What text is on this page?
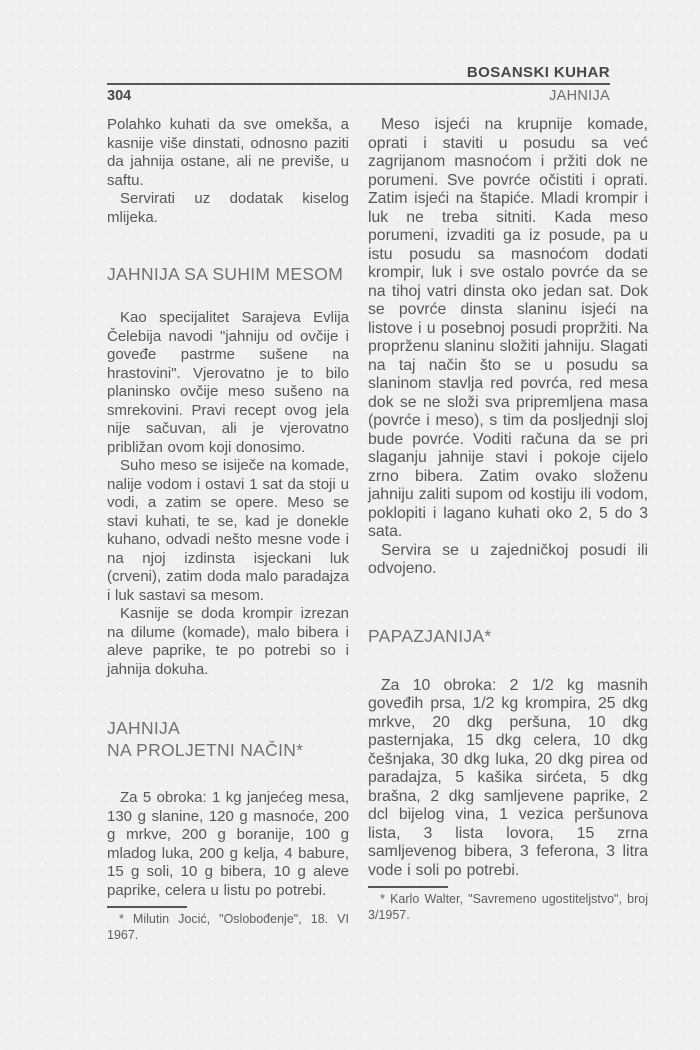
BOSANSKI KUHAR
304	JAHNIJA

Polahko kuhati da sve omekša, a kasnije više dinstati, odnosno paziti da jahnija ostane, ali ne previše, u saftu.

Servirati uz dodatak kiselog mlijeka.

JAHNIJA SA SUHIM MESOM

Kao specijalitet Sarajeva Evlija Čelebija navodi "jahniju od ovčije i goveđe pastrme sušene na hrastovini". Vjerovatno je to bilo planinsko ovčije meso sušeno na smrekovini. Pravi recept ovog jela nije sačuvan, ali je vjerovatno približan ovom koji donosimo.

Suho meso se isiječe na komade, nalije vodom i ostavi 1 sat da stoji u vodi, a zatim se opere. Meso se stavi kuhati, te se, kad je donekle kuhano, odvadi nešto mesne vode i na njoj izdinsta isjeckani luk (crveni), zatim doda malo paradajza i luk sastavi sa mesom.

Kasnije se doda krompir izrezan na dilume (komade), malo bibera i aleve paprike, te po potrebi so i jahnija dokuha.

JAHNIJA
NA PROLJETNI NAČIN*

Za 5 obroka: 1 kg janjećeg mesa, 130 g slanine, 120 g masnoće, 200 g mrkve, 200 g boranije, 100 g mladog luka, 200 g kelja, 4 babure, 15 g soli, 10 g bibera, 10 g aleve paprike, celera u listu po potrebi.

* Milutin Jocić, "Oslobođenje", 18. VI 1967.

Meso isjeći na krupnije komade, oprati i staviti u posudu sa već zagrijanom masnoćom i pržiti dok ne porumeni. Sve povrće očistiti i oprati. Zatim isjeći na štapiće. Mladi krompir i luk ne treba sitniti. Kada meso porumeni, izvaditi ga iz posude, pa u istu posudu sa masnoćom dodati krompir, luk i sve ostalo povrće da se na tihoj vatri dinsta oko jedan sat. Dok se povrće dinsta slaninu isjeći na listove i u posebnoj posudi propržiti. Na proprženu slaninu složiti jahniju. Slagati na taj način što se u posudu sa slaninom stavlja red povrća, red mesa dok se ne složi sva pripremljena masa (povrće i meso), s tim da posljednji sloj bude povrće. Voditi računa da se pri slaganju jahnije stavi i pokoje cijelo zrno bibera. Zatim ovako složenu jahniju zaliti supom od kostiju ili vodom, poklopiti i lagano kuhati oko 2, 5 do 3 sata.

Servira se u zajedničkoj posudi ili odvojeno.

PAPAZJANIJA*

Za 10 obroka: 2 1/2 kg masnih goveđih prsa, 1/2 kg krompira, 25 dkg mrkve, 20 dkg peršuna, 10 dkg pasternjaka, 15 dkg celera, 10 dkg češnjaka, 30 dkg luka, 20 dkg pirea od paradajza, 5 kašika sirćeta, 5 dkg brašna, 2 dkg samljevene paprike, 2 dcl bijelog vina, 1 vezica peršunova lista, 3 lista lovora, 15 zrna samljevenog bibera, 3 feferona, 3 litra vode i soli po potrebi.

* Karlo Walter, "Savremeno ugostiteljstvo", broj 3/1957.
